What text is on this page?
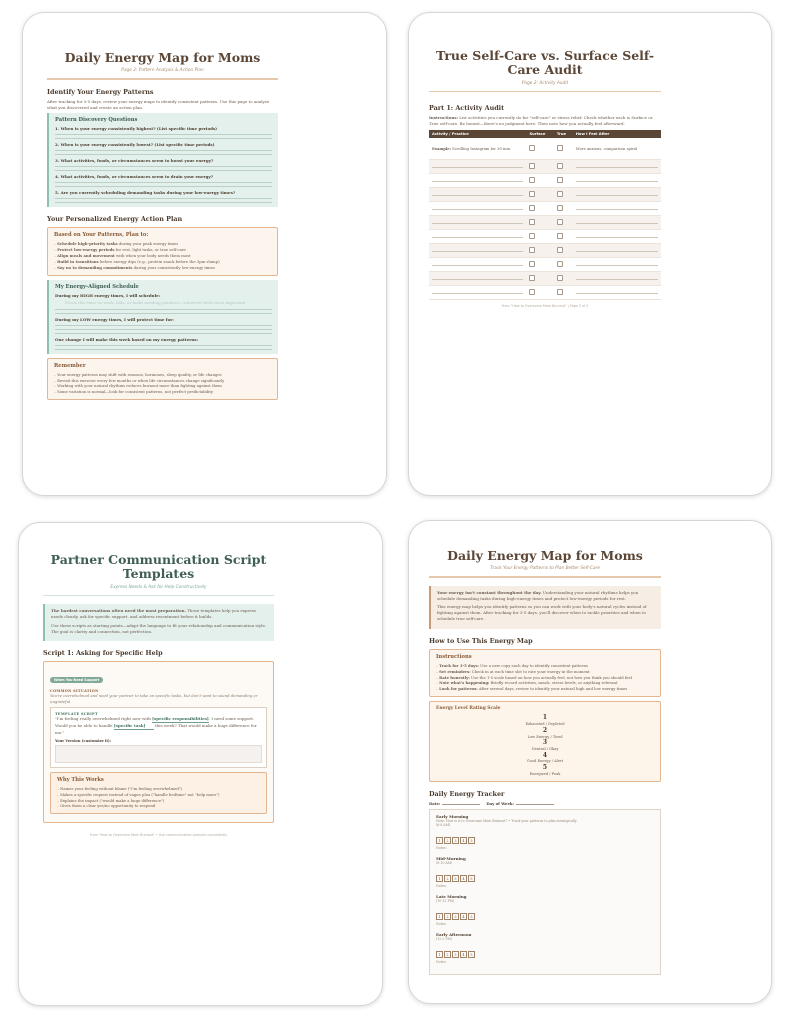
Daily Energy Map for Moms
Page 2: Pattern Analysis & Action Plan
Identify Your Energy Patterns
After tracking for 3-5 days, review your energy maps to identify consistent patterns. Use this page to analyze what you discovered and create an action plan.
Pattern Discovery Questions
1. When is your energy consistently highest? (List specific time periods)
2. When is your energy consistently lowest? (List specific time periods)
3. What activities, foods, or circumstances seem to boost your energy?
4. What activities, foods, or circumstances seem to drain your energy?
5. Are you currently scheduling demanding tasks during your low-energy times?
Your Personalized Energy Action Plan
Based on Your Patterns, Plan to:
– Schedule high-priority tasks during your peak energy times
– Protect low-energy periods for rest, light tasks, or true self-care
– Align meals and movement with when your body needs them most
– Build in transitions before energy dips (e.g., protein snack before the 3pm slump)
– Say no to demanding commitments during your consistently low-energy times
My Energy-Aligned Schedule
During my HIGH energy times, I will schedule:
Focus this time on work, kids, or tasks needing patience—whatever feels most important
During my LOW energy times, I will protect time for:
One change I will make this week based on my energy patterns:
Remember
– Your energy patterns may shift with seasons, hormones, sleep quality, or life changes
– Revisit this exercise every few months or when life circumstances change significantly
– Working with your natural rhythms reduces burnout more than fighting against them
– Some variation is normal—look for consistent patterns, not perfect predictability
True Self-Care vs. Surface Self-Care Audit
Page 2: Activity Audit
Part 1: Activity Audit
Instructions: List activities you currently do for "self-care" or stress relief. Check whether each is Surface or True self-care. Be honest—there's no judgment here. Then note how you actually feel afterward.
Activity / Practice	Surface	True	How I Feel After
Example: Scrolling Instagram for 30 min			More anxious, comparison spiral

From "How to Overcome Mom Burnout" | Page 2 of 3
Partner Communication Script Templates
Express Needs & Ask for Help Constructively
The hardest conversations often need the most preparation. These templates help you express needs clearly, ask for specific support, and address resentment before it builds.
Use these scripts as starting points—adapt the language to fit your relationship and communication style. The goal is clarity and connection, not perfection.
Script 1: Asking for Specific Help
When You Need Support
COMMON SITUATION
You're overwhelmed and need your partner to take on specific tasks, but don't want to sound demanding or ungrateful.
TEMPLATE SCRIPT
"I'm feeling really overwhelmed right now with [specific responsibilities]. I need some support. Would you be able to handle [specific task] this week? That would make a huge difference for me."
Your Version (customize it):
Why This Works
– Names your feeling without blame ("I'm feeling overwhelmed")
– Makes a specific request instead of vague plea ("handle bedtime" not "help more")
– Explains the impact ("would make a huge difference")
– Gives them a clear yes/no opportunity to respond
From "How to Overcome Mom Burnout" • Use communication prompts consistently
Daily Energy Map for Moms
Track Your Energy Patterns to Plan Better Self-Care
Your energy isn't constant throughout the day. Understanding your natural rhythms helps you schedule demanding tasks during high-energy times and protect low-energy periods for rest.
This energy map helps you identify patterns so you can work with your body's natural cycles instead of fighting against them. After tracking for 3-5 days, you'll discover when to tackle priorities and when to schedule true self-care.
How to Use This Energy Map
Instructions
– Track for 3-5 days: Use a new copy each day to identify consistent patterns
– Set reminders: Check in at each time slot to rate your energy in the moment
– Rate honestly: Use the 1-5 scale based on how you actually feel, not how you think you should feel
– Note what's happening: Briefly record activities, meals, stress levels, or anything relevant
– Look for patterns: After several days, review to identify your natural high and low energy times
Energy Level Rating Scale
1
Exhausted / Depleted
2
Low Energy / Tired
3
Neutral / Okay
4
Good Energy / Alert
5
Energized / Peak
Daily Energy Tracker
Date:	Day of Week:
Early Morning
Note: How is it to Overcome Mom Burnout? • Track your patterns to plan strategically
(6-8 AM)
1 2 3 4 5
Notes:
Mid-Morning
(8-10 AM)
1 2 3 4 5
Notes:
Late Morning
(10-12 PM)
1 2 3 4 5
Notes:
Early Afternoon
(12-2 PM)
1 2 3 4 5
Notes:
